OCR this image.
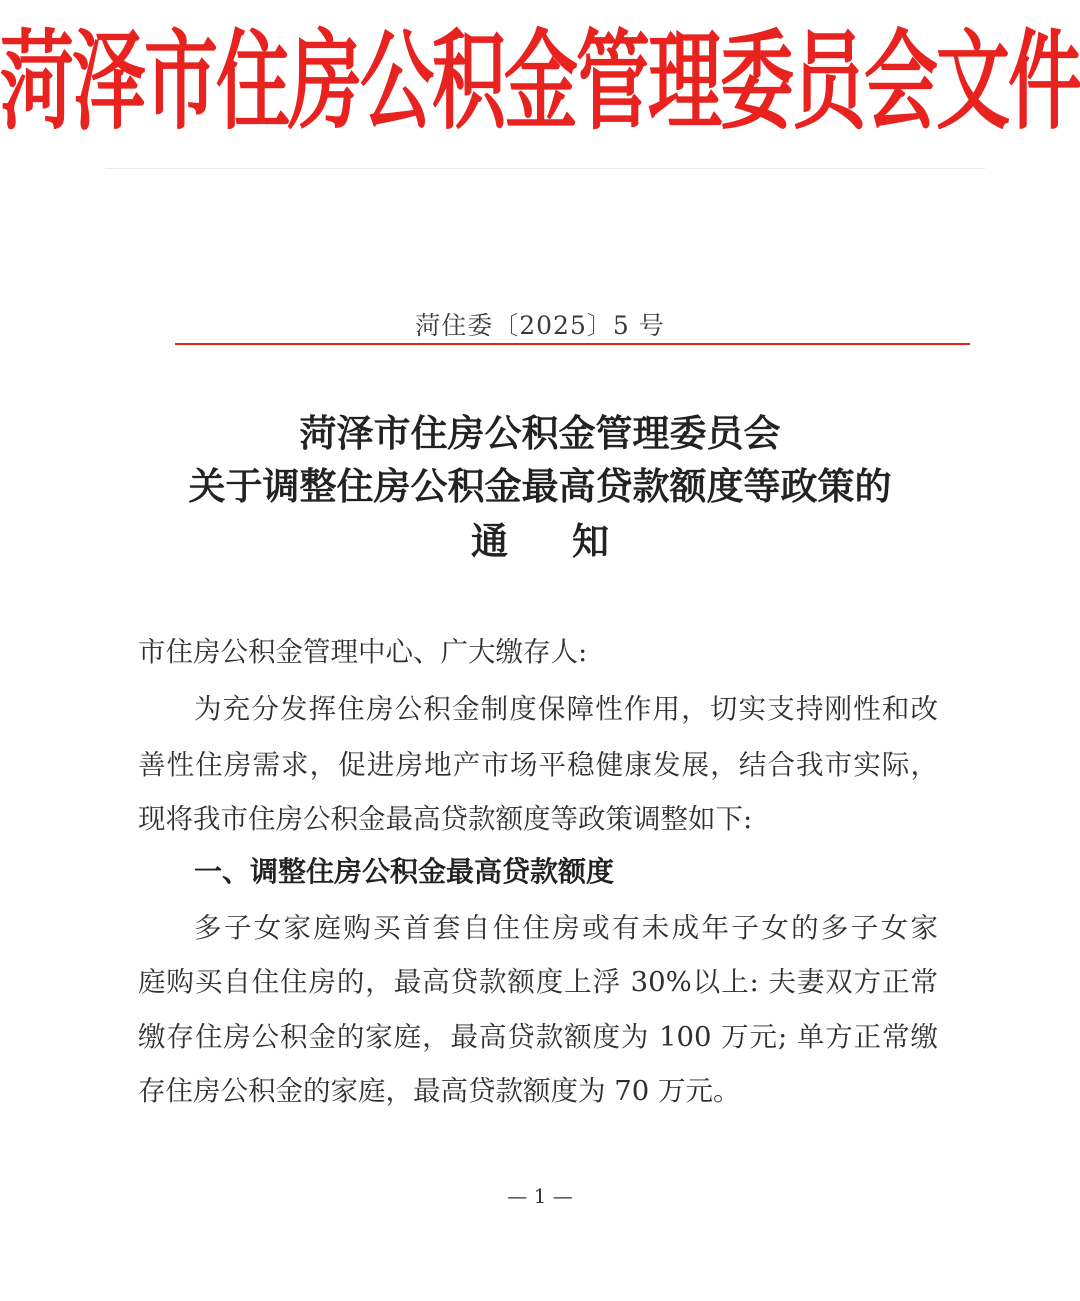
菏泽市住房公积金管理委员会文件
菏住委〔2025〕5 号
菏泽市住房公积金管理委员会
关于调整住房公积金最高贷款额度等政策的
通知
市住房公积金管理中心、广大缴存人:
为充分发挥住房公积金制度保障性作用，切实支持刚性和改
善性住房需求，促进房地产市场平稳健康发展，结合我市实际，
现将我市住房公积金最高贷款额度等政策调整如下:
一、调整住房公积金最高贷款额度
多子女家庭购买首套自住住房或有未成年子女的多子女家
庭购买自住住房的，最高贷款额度上浮 30%以上: 夫妻双方正常
缴存住房公积金的家庭，最高贷款额度为 100 万元; 单方正常缴
存住房公积金的家庭，最高贷款额度为 70 万元。
— 1 —
